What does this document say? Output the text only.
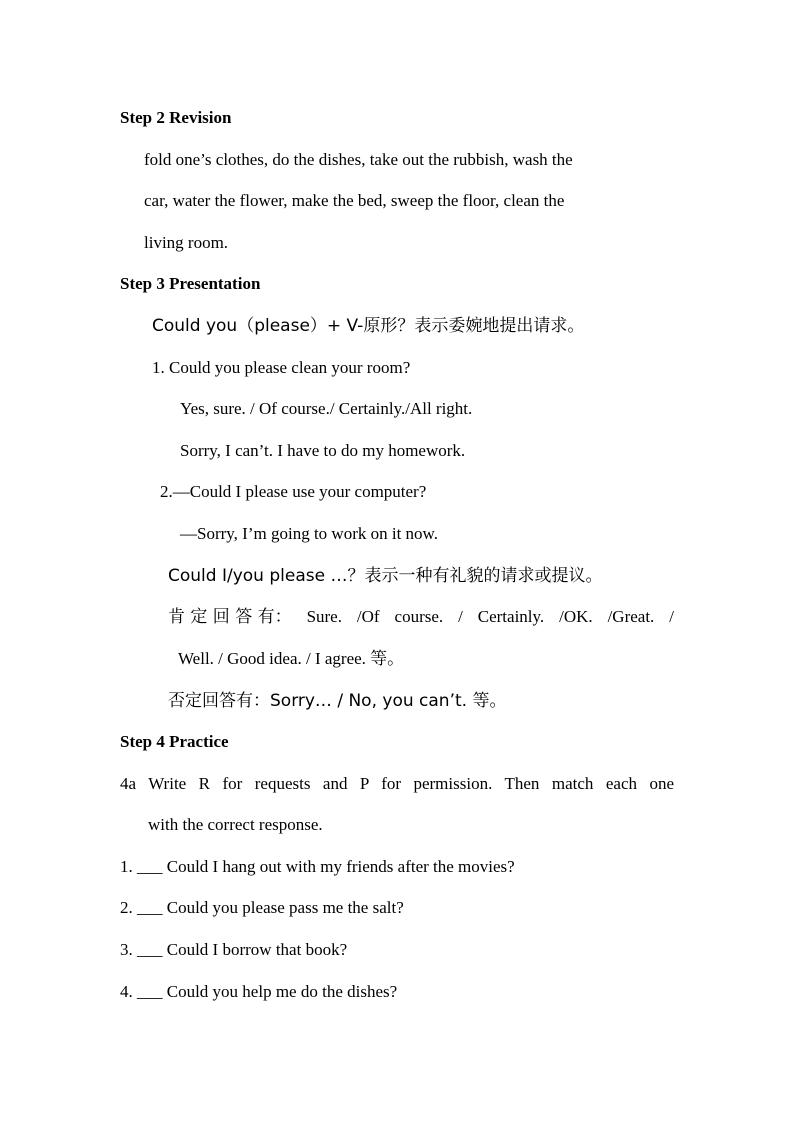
Step 2 Revision

fold one’s clothes, do the dishes, take out the rubbish, wash the

car, water the flower, make the bed, sweep the floor, clean the

living room.

Step 3 Presentation

Could you（please）+ V-原形？表示委婉地提出请求。

1. Could you please clean your room?

Yes, sure. / Of course./ Certainly./All right.

Sorry, I can’t. I have to do my homework.

2.—Could I please use your computer?

—Sorry, I’m going to work on it now.

Could I/you please …？表示一种有礼貌的请求或提议。

肯 定 回 答 有： Sure. /Of course. / Certainly. /OK. /Great. /

Well. / Good idea. / I agree. 等。

否定回答有：Sorry… / No, you can’t. 等。

Step 4 Practice

4a Write R for requests and P for permission. Then match each one

with the correct response.

1. ___ Could I hang out with my friends after the movies?

2. ___ Could you please pass me the salt?

3. ___ Could I borrow that book?

4. ___ Could you help me do the dishes?
